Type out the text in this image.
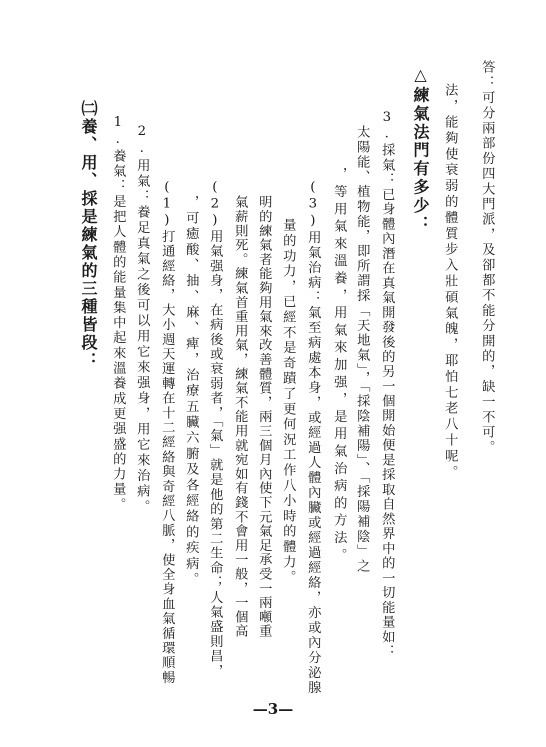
答：可分兩部份四大門派，及卻都不能分開的，缺一不可。
法，能夠使衰弱的體質步入壯碩氣魄，耶怕七老八十呢。
△練氣法門有多少：
3.採氣：已身體內潛在真氣開發後的另一個開始便是採取自然界中的一切能量如：
太陽能、植物能，即所謂採「天地氣」，「採陰補陽」、「採陽補陰」之
，等用氣來溫養，用氣來加强，是用氣治病的方法。
(3)用氣治病：氣至病處本身，或經過人體內臟或經過經絡，亦或內分泌腺
量的功力，已經不是奇蹟了更何況工作八小時的體力。
明的練氣者能夠用氣來改善體質，兩三個月內使下元氣足承受一兩噸重
氣薪則死。練氣首重用氣，練氣不能用就宛如有錢不會用一般，一個高
(2)用氣强身，在病後或衰弱者，「氣」就是他的第二生命；人氣盛則昌，
，可癒酸、抽、麻、痺，治療五臟六腑及各經絡的疾病。
(1)打通經絡，大小週天運轉在十二經絡與奇經八脈，使全身血氣循環順暢
2.用氣：養足真氣之後可以用它來强身，用它來治病。
1.養氣：是把人體的能量集中起來溫養成更强盛的力量。
㈡養、用、採是練氣的三種皆段：
—3—
